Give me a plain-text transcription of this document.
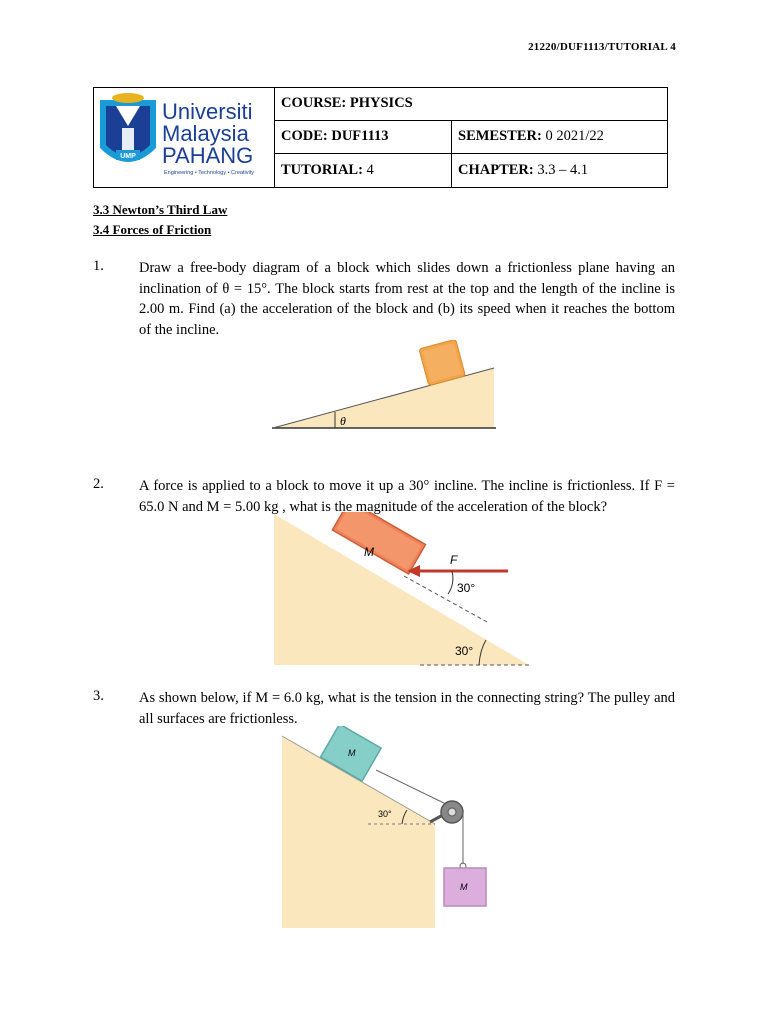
21220/DUF1113/TUTORIAL 4
UMP
Universiti
Malaysia
PAHANG
Engineering • Technology • Creativity	COURSE: PHYSICS	
	CODE: DUF1113	SEMESTER: 0 2021/22
	TUTORIAL: 4	CHAPTER: 3.3 – 4.1
3.3 Newton’s Third Law
3.4 Forces of Friction
1. Draw a free-body diagram of a block which slides down a frictionless plane having an inclination of θ = 15°. The block starts from rest at the top and the length of the incline is 2.00 m. Find (a) the acceleration of the block and (b) its speed when it reaches the bottom of the incline.
θ
2. A force is applied to a block to move it up a 30° incline. The incline is frictionless. If F = 65.0 N and M = 5.00 kg , what is the magnitude of the acceleration of the block?
M
F
30°
30°
3. As shown below, if M = 6.0 kg, what is the tension in the connecting string? The pulley and all surfaces are frictionless.
M
M
30°
